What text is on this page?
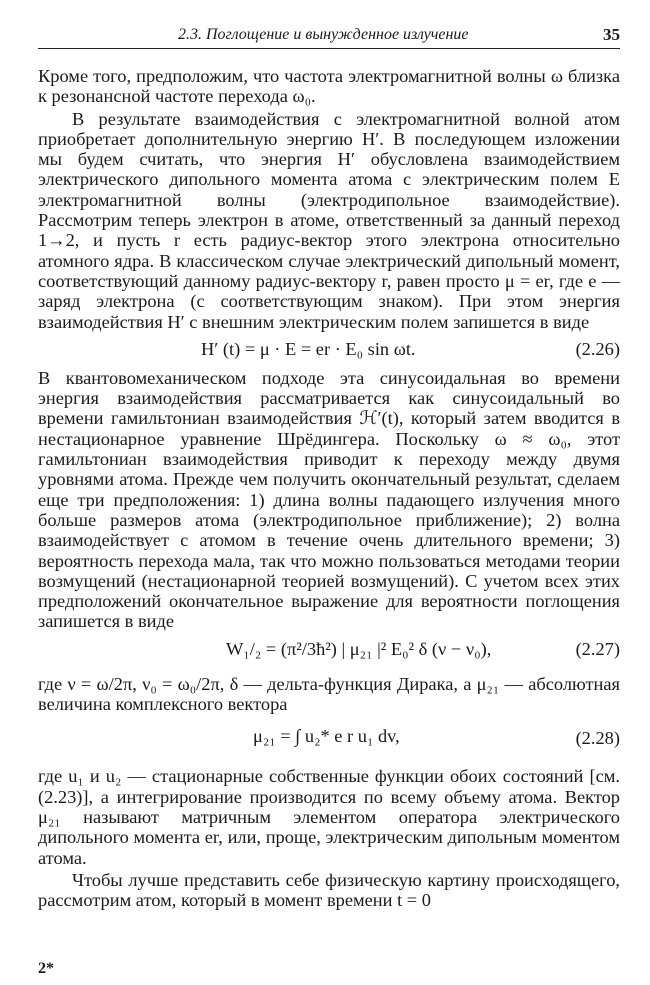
2.3. Поглощение и вынужденное излучение	35

Кроме того, предположим, что частота электромагнитной волны ω близка к резонансной частоте перехода ω₀.

В результате взаимодействия с электромагнитной волной атом приобретает дополнительную энергию H′. В последующем изложении мы будем считать, что энергия H′ обусловлена взаимодействием электрического дипольного момента атома с электрическим полем E электромагнитной волны (электродипольное взаимодействие). Рассмотрим теперь электрон в атоме, ответственный за данный переход 1→2, и пусть r есть радиус-вектор этого электрона относительно атомного ядра. В классическом случае электрический дипольный момент, соответствующий данному радиус-вектору r, равен просто μ = er, где e — заряд электрона (с соответствующим знаком). При этом энергия взаимодействия H′ с внешним электрическим полем запишется в виде

H′ (t) = μ · E = er · E₀ sin ωt.	(2.26)

В квантовомеханическом подходе эта синусоидальная во времени энергия взаимодействия рассматривается как синусоидальный во времени гамильтониан взаимодействия ℋ′(t), который затем вводится в нестационарное уравнение Шрёдингера. Поскольку ω ≈ ω₀, этот гамильтониан взаимодействия приводит к переходу между двумя уровнями атома. Прежде чем получить окончательный результат, сделаем еще три предположения: 1) длина волны падающего излучения много больше размеров атома (электродипольное приближение); 2) волна взаимодействует с атомом в течение очень длительного времени; 3) вероятность перехода мала, так что можно пользоваться методами теории возмущений (нестационарной теорией возмущений). С учетом всех этих предположений окончательное выражение для вероятности поглощения запишется в виде

W₁/₂ = (π²/3ħ²) | μ₂₁ |² E₀² δ (ν − ν₀),	(2.27)

где ν = ω/2π, ν₀ = ω₀/2π, δ — дельта-функция Дирака, а μ₂₁ — абсолютная величина комплексного вектора

μ₂₁ = ∫ u₂* e r u₁ dv,	(2.28)

где u₁ и u₂ — стационарные собственные функции обоих состояний [см. (2.23)], а интегрирование производится по всему объему атома. Вектор μ₂₁ называют матричным элементом оператора электрического дипольного момента er, или, проще, электрическим дипольным моментом атома.

Чтобы лучше представить себе физическую картину происходящего, рассмотрим атом, который в момент времени t = 0

2*
